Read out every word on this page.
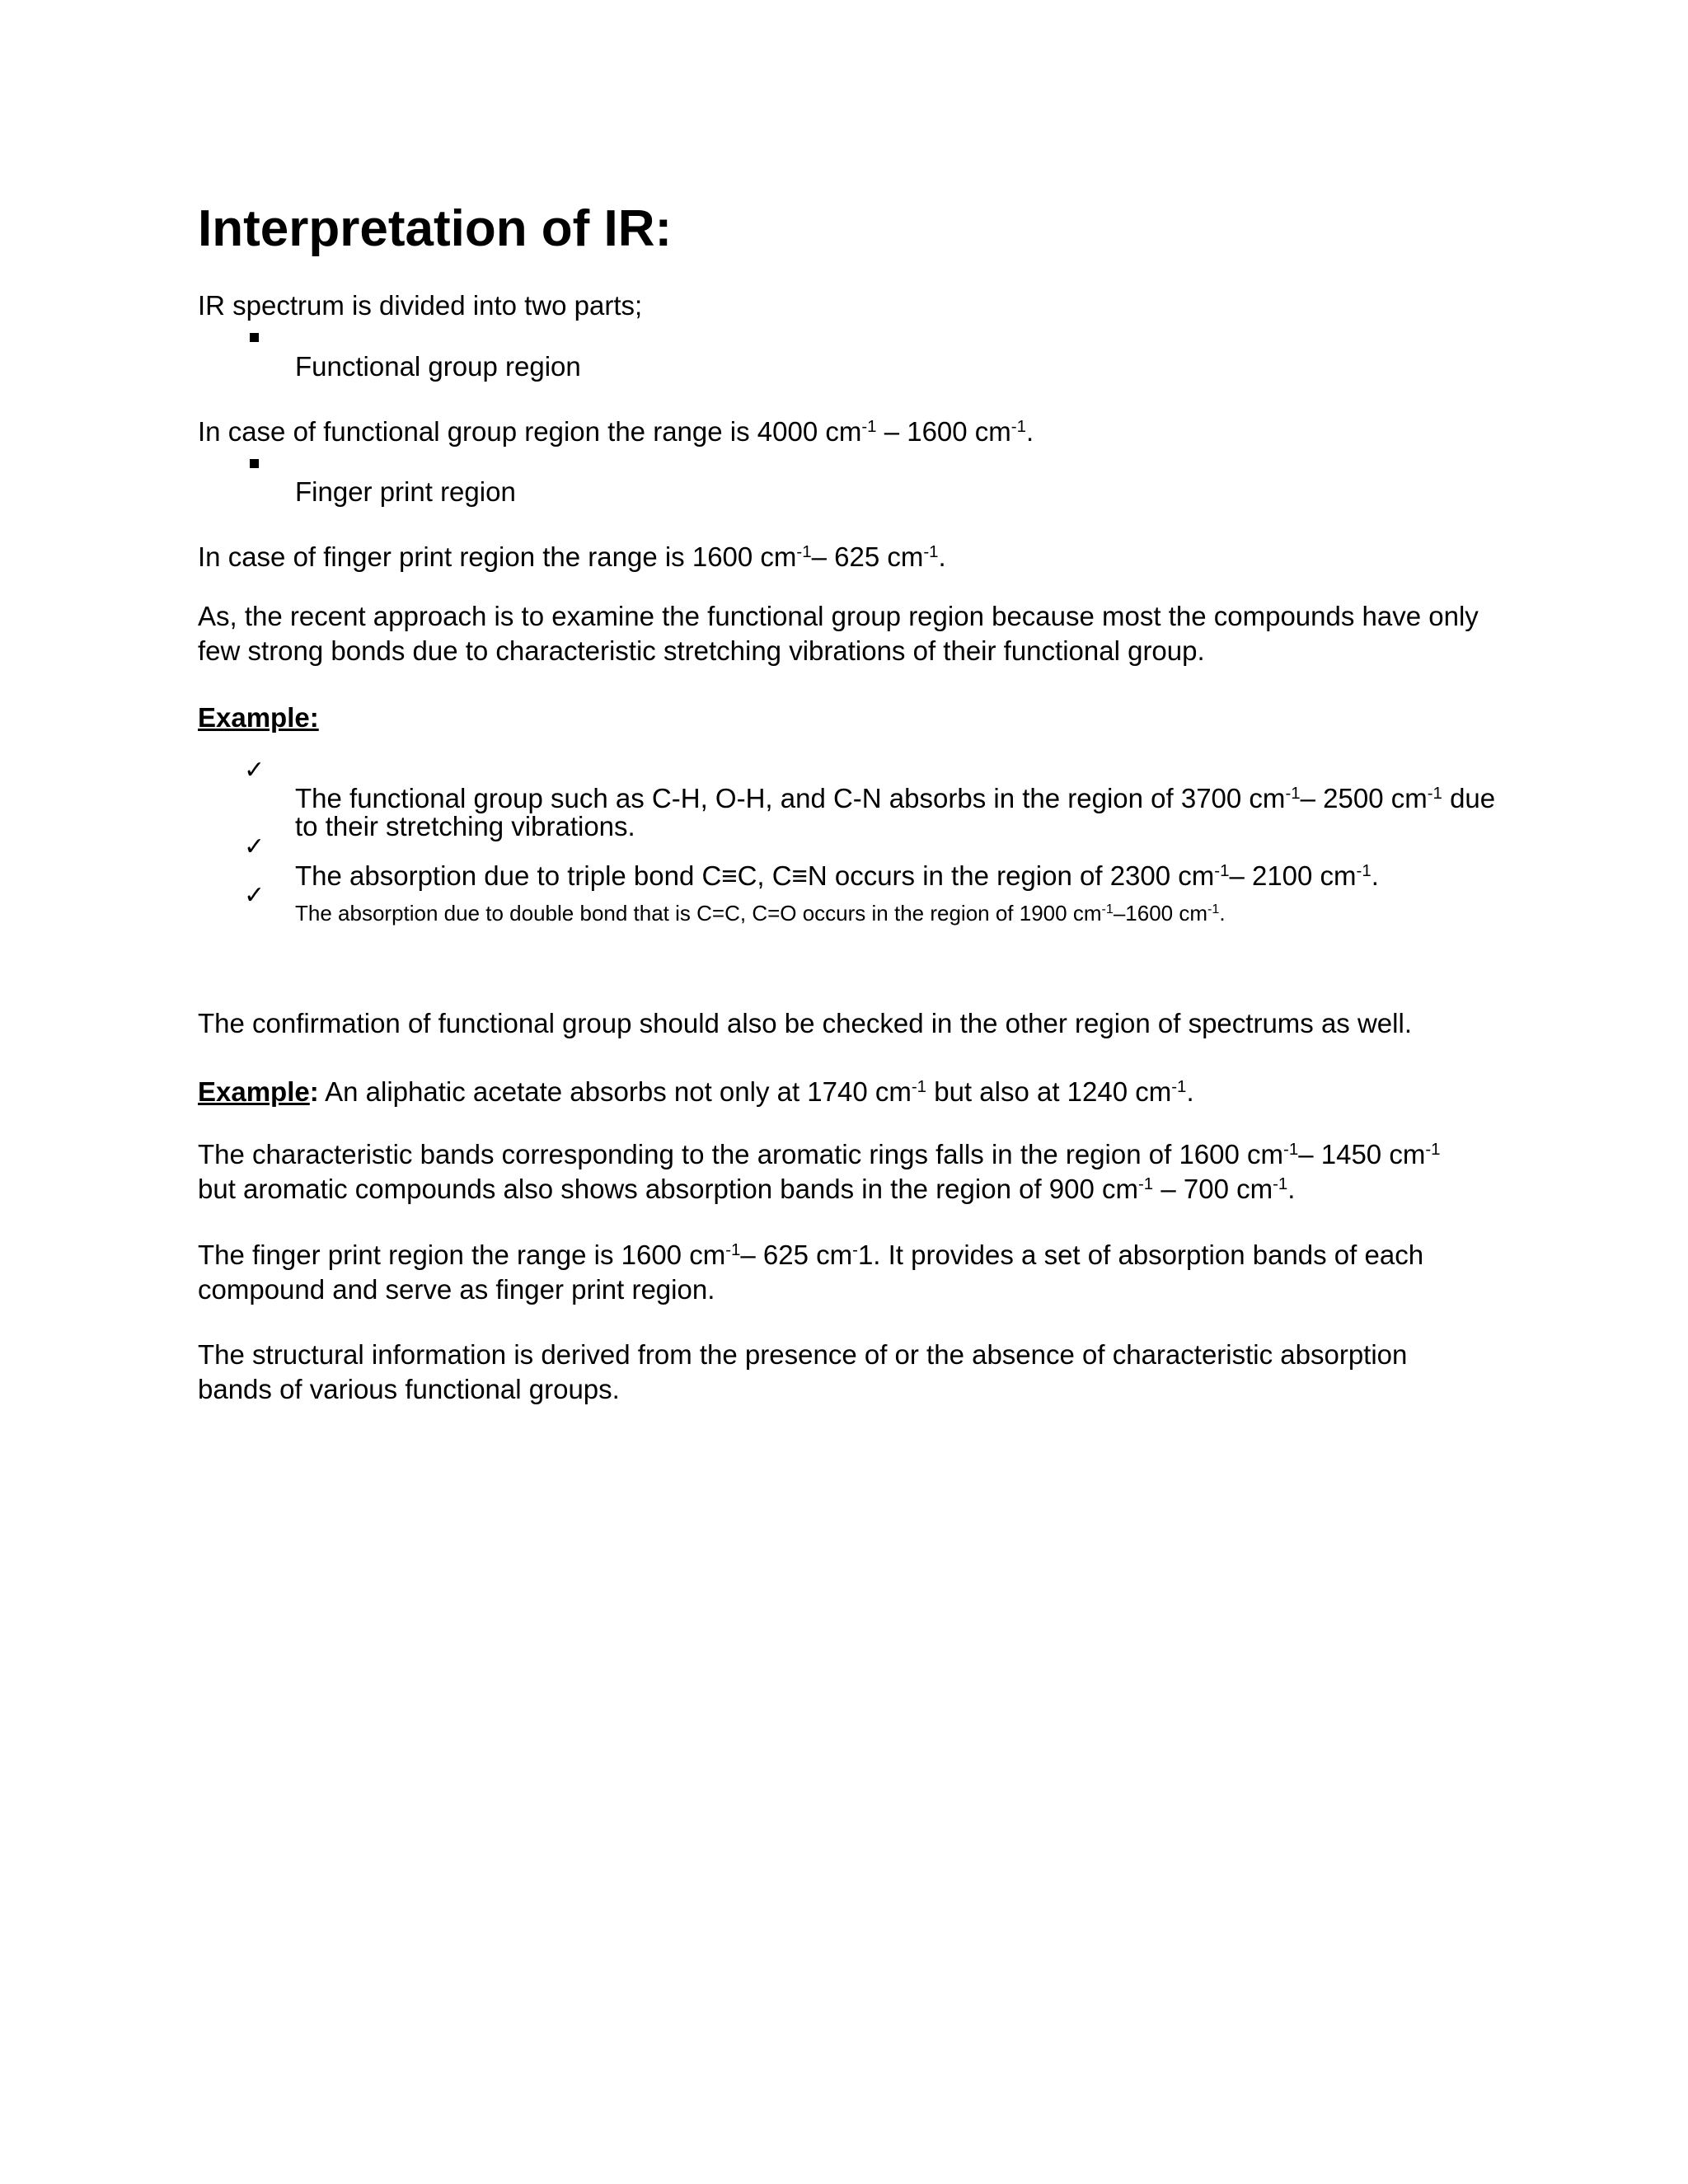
Interpretation of IR:
IR spectrum is divided into two parts;
Functional group region
In case of functional group region the range is 4000 $cm^{-1} - 1600$ $cm^{-1}$.
Finger print region
In case of finger print region the range is 1600 $cm^{-1}-$ 625 $cm^{-1}$.
As, the recent approach is to examine the functional group region because most the compounds have only few strong bonds due to characteristic stretching vibrations of their functional group.
Example:
✓
The functional group such as C-H, O-H, and C-N absorbs in the region of 3700 $cm^{-1}-$ 2500 $cm^{-1}$ due to their stretching vibrations.
✓
The absorption due to triple bond C≡C, C≡N occurs in the region of 2300 $cm^{-1}-$ 2100 $cm^{-1}$.
✓
The absorption due to double bond that is C=C, C=O occurs in the region of 1900 $cm^{-1}-1600$ $cm^{-1}$.
The confirmation of functional group should also be checked in the other region of spectrums as well.
Example: An aliphatic acetate absorbs not only at 1740 $cm^{-1}$ but also at 1240 $cm^{-1}$.
The characteristic bands corresponding to the aromatic rings falls in the region of 1600 $cm^{-1}-$ 1450 $cm^{-1}$ but aromatic compounds also shows absorption bands in the region of 900 $cm^{-1} - 700$ $cm^{-1}$.
The finger print region the range is 1600 $cm^{-1}-$ 625 cm-1. It provides a set of absorption bands of each compound and serve as finger print region.
The structural information is derived from the presence of or the absence of characteristic absorption bands of various functional groups.
